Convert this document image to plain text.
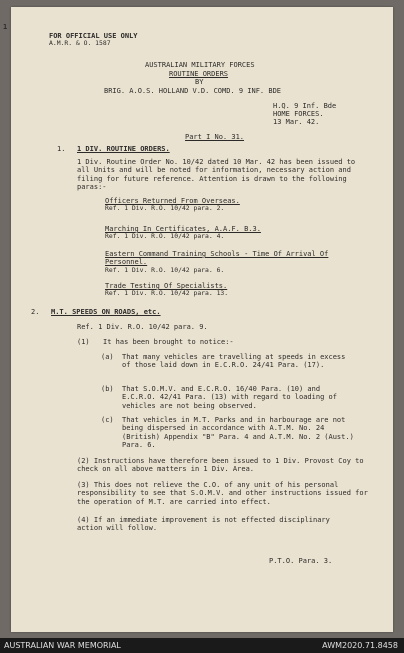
1
FOR OFFICIAL USE ONLY
A.M.R. & O. 1587
AUSTRALIAN MILITARY FORCES
ROUTINE ORDERS
BY
BRIG. A.O.S. HOLLAND V.D. COMD. 9 INF. BDE
H.Q. 9 Inf. Bde
HOME FORCES.
13 Mar. 42.
Part I No. 31.
1. 1 DIV. ROUTINE ORDERS.
1 Div. Routine Order No. 10/42 dated 10 Mar. 42 has been issued to all Units and will be noted for information, necessary action and filing for future reference. Attention is drawn to the following paras:-
Officers Returned From Overseas.
Ref. 1 Div. R.O. 10/42 para. 2.
Marching In Certificates, A.A.F. B.3.
Ref. 1 Div. R.O. 10/42 para. 4.
Eastern Command Training Schools - Time Of Arrival Of Personnel.
Ref. 1 Div. R.O. 10/42 para. 6.
Trade Testing Of Specialists.
Ref. 1 Div. R.O. 10/42 para. 13.
2. M.T. SPEEDS ON ROADS, etc.
Ref. 1 Div. R.O. 10/42 para. 9.
(1) It has been brought to notice:-
(a) That many vehicles are travelling at speeds in excess of those laid down in E.C.R.O. 24/41 Para. (17).
(b) That S.O.M.V. and E.C.R.O. 16/40 Para. (10) and E.C.R.O. 42/41 Para. (13) with regard to loading of vehicles are not being observed.
(c) That vehicles in M.T. Parks and in harbourage are not being dispersed in accordance with A.T.M. No. 24 (British) Appendix "B" Para. 4 and A.T.M. No. 2 (Aust.) Para. 6.
(2) Instructions have therefore been issued to 1 Div. Provost Coy to check on all above matters in 1 Div. Area.
(3) This does not relieve the C.O. of any unit of his personal responsibility to see that S.O.M.V. and other instructions issued for the operation of M.T. are carried into effect.
(4) If an immediate improvement is not effected disciplinary action will follow.
P.T.O. Para. 3.
AUSTRALIAN WAR MEMORIAL	AWM2020.71.8458
